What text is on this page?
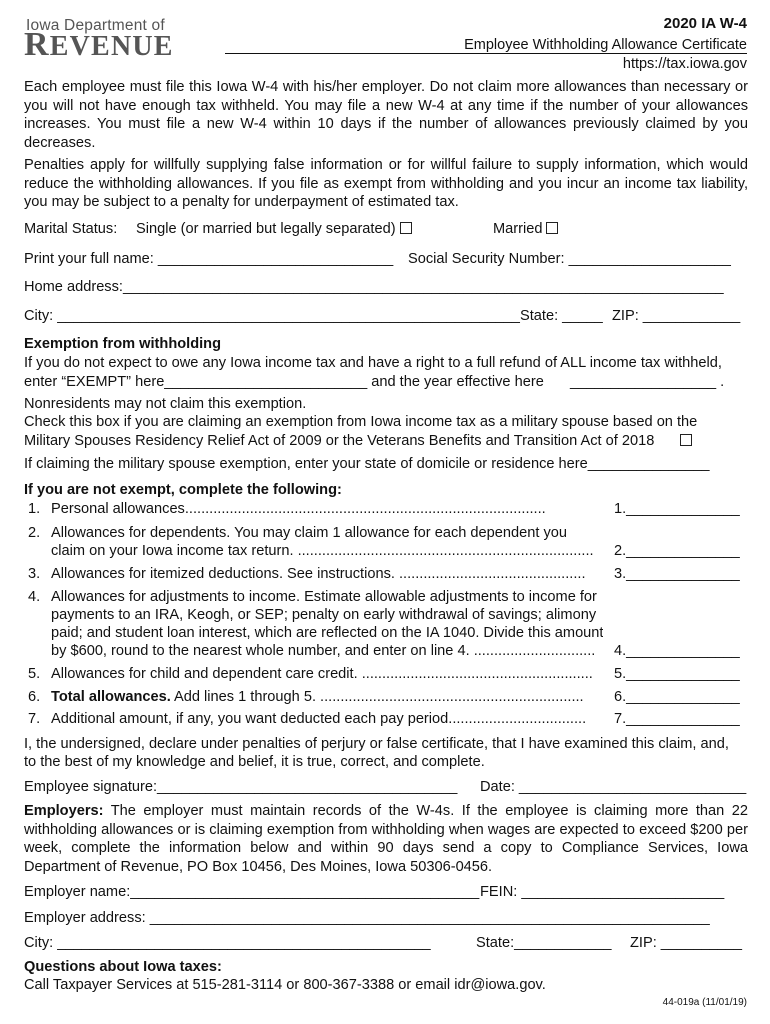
Iowa Department of
REVENUE
2020 IA W-4
Employee Withholding Allowance Certificate
https://tax.iowa.gov
Each employee must file this Iowa W-4 with his/her employer. Do not claim more allowances than necessary or you will not have enough tax withheld. You may file a new W-4 at any time if the number of your allowances increases. You must file a new W-4 within 10 days if the number of allowances previously claimed by you decreases.
Penalties apply for willfully supplying false information or for willful failure to supply information, which would reduce the withholding allowances. If you file as exempt from withholding and you incur an income tax liability, you may be subject to a penalty for underpayment of estimated tax.
Marital Status: Single (or married but legally separated)	Married
Print your full name: _____________________________ Social Security Number: ____________________
Home address:__________________________________________________________________________
City: _________________________________________________________ State: _____ ZIP: ____________
Exemption from withholding
If you do not expect to owe any Iowa income tax and have a right to a full refund of ALL income tax withheld,
enter “EXEMPT” here_________________________ and the year effective here __________________ .
Nonresidents may not claim this exemption.
Check this box if you are claiming an exemption from Iowa income tax as a military spouse based on the
Military Spouses Residency Relief Act of 2009 or the Veterans Benefits and Transition Act of 2018
If claiming the military spouse exemption, enter your state of domicile or residence here_______________
If you are not exempt, complete the following:
1. Personal allowances.........................................................................................	1.______________
2. Allowances for dependents. You may claim 1 allowance for each dependent you
claim on your Iowa income tax return. ......................................................................... 2.______________
3. Allowances for itemized deductions. See instructions. .............................................. 3.______________
4. Allowances for adjustments to income. Estimate allowable adjustments to income for
payments to an IRA, Keogh, or SEP; penalty on early withdrawal of savings; alimony
paid; and student loan interest, which are reflected on the IA 1040. Divide this amount
by $600, round to the nearest whole number, and enter on line 4. .............................. 4.______________
5. Allowances for child and dependent care credit. ......................................................... 5.______________
6. Total allowances. Add lines 1 through 5. ................................................................. 6.______________
7. Additional amount, if any, you want deducted each pay period.................................. 7.______________
I, the undersigned, declare under penalties of perjury or false certificate, that I have examined this claim, and,
to the best of my knowledge and belief, it is true, correct, and complete.
Employee signature:_____________________________________ Date: ____________________________
Employers: The employer must maintain records of the W-4s. If the employee is claiming more than 22 withholding allowances or is claiming exemption from withholding when wages are expected to exceed $200 per week, complete the information below and within 90 days send a copy to Compliance Services, Iowa Department of Revenue, PO Box 10456, Des Moines, Iowa 50306-0456.
Employer name:___________________________________________ FEIN: _________________________
Employer address: _____________________________________________________________________
City: ______________________________________________	State:____________ ZIP: __________
Questions about Iowa taxes:
Call Taxpayer Services at 515-281-3114 or 800-367-3388 or email idr@iowa.gov.
44-019a (11/01/19)
